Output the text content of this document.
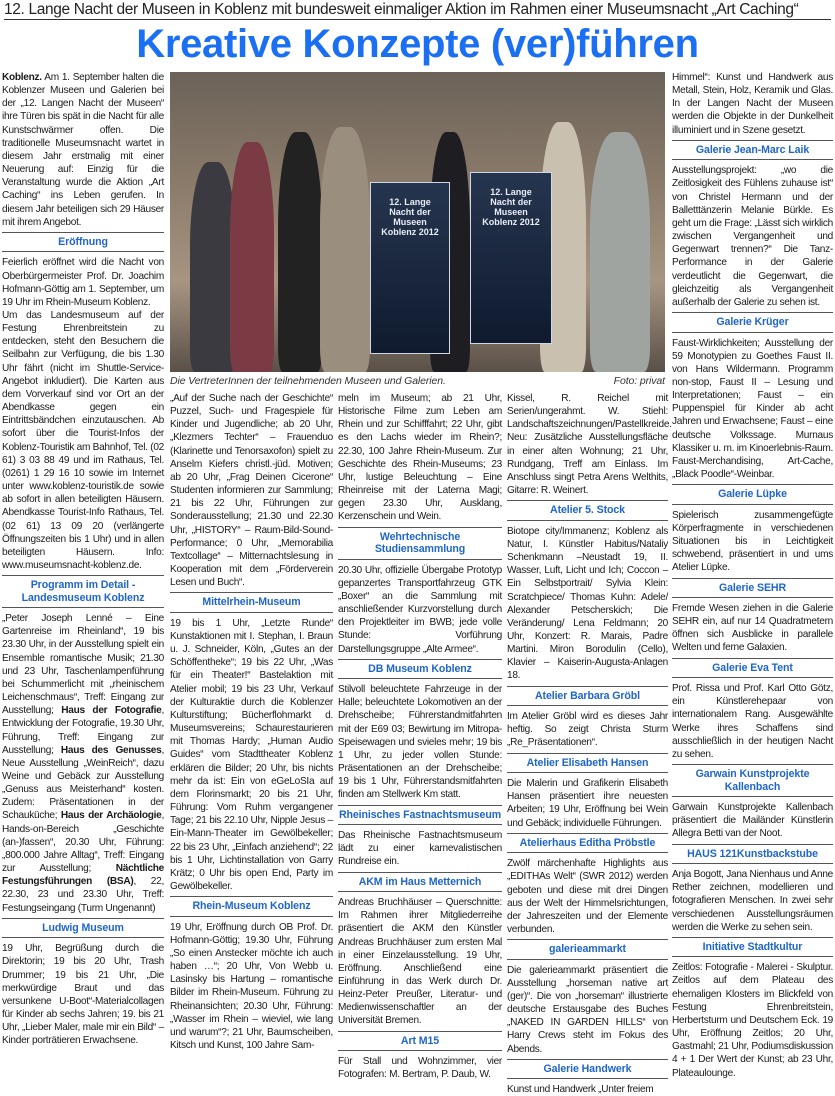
12. Lange Nacht der Museen in Koblenz mit bundesweit einmaliger Aktion im Rahmen einer Museumsnacht „Art Caching“
Kreative Konzepte (ver)führen
12. Lange Nacht der Museen Koblenz 2012
12. Lange Nacht der Museen Koblenz 2012
Die VertreterInnen der teilnehmenden Museen und Galerien.	Foto: privat

Koblenz. Am 1. September halten die Koblenzer Museen und Galerien bei der „12. Langen Nacht der Museen“ ihre Türen bis spät in die Nacht für alle Kunstschwärmer offen. Die traditionelle Museumsnacht wartet in diesem Jahr erstmalig mit einer Neuerung auf: Einzig für die Veranstaltung wurde die Aktion „Art Caching“ ins Leben gerufen. In diesem Jahr beteiligen sich 29 Häuser mit ihrem Angebot.

Eröffnung

Feierlich eröffnet wird die Nacht von Oberbürgermeister Prof. Dr. Joachim Hofmann-Göttig am 1. September, um 19 Uhr im Rhein-Museum Koblenz.

Um das Landesmuseum auf der Festung Ehrenbreitstein zu entdecken, steht den Besuchern die Seilbahn zur Verfügung, die bis 1.30 Uhr fährt (nicht im Shuttle-Service-Angebot inkludiert). Die Karten aus dem Vorverkauf sind vor Ort an der Abendkasse gegen ein Eintrittsbändchen einzutauschen. Ab sofort über die Tourist-Infos der Koblenz-Touristik am Bahnhof, Tel. (02 61) 3 03 88 49 und im Rathaus, Tel. (0261) 1 29 16 10 sowie im Internet unter www.koblenz-touristik.de sowie ab sofort in allen beteiligten Häusern. Abendkasse Tourist-Info Rathaus, Tel. (02 61) 13 09 20 (verlängerte Öffnungszeiten bis 1 Uhr) und in allen beteiligten Häusern. Info: www.museumsnacht-koblenz.de.

Programm im Detail - Landesmuseum Koblenz

„Peter Joseph Lenné – Eine Gartenreise im Rheinland“, 19 bis 23.30 Uhr, in der Ausstellung spielt ein Ensemble romantische Musik; 21.30 und 23 Uhr, Taschenlampenführung bei Schummerlicht mit „rheinischem Leichenschmaus“, Treff: Eingang zur Ausstellung; Haus der Fotografie, Entwicklung der Fotografie, 19.30 Uhr, Führung, Treff: Eingang zur Ausstellung; Haus des Genusses, Neue Ausstellung „WeinReich“, dazu Weine und Gebäck zur Ausstellung „Genuss aus Meisterhand“ kosten. Zudem: Präsentationen in der Schauküche; Haus der Archäologie, Hands-on-Bereich „Geschichte (an-)fassen“, 20.30 Uhr, Führung: „800.000 Jahre Alltag“, Treff: Eingang zur Ausstellung; Nächtliche Festungsführungen (BSA), 22, 22.30, 23 und 23.30 Uhr, Treff: Festungseingang (Turm Ungenannt)

Ludwig Museum

19 Uhr, Begrüßung durch die Direktorin; 19 bis 20 Uhr, Trash Drummer; 19 bis 21 Uhr, „Die merkwürdige Braut und das versunkene U-Boot“-Materialcollagen für Kinder ab sechs Jahren; 19. bis 21 Uhr, „Lieber Maler, male mir ein Bild“ – Kinder porträtieren Erwachsene.

„Auf der Suche nach der Geschichte“ Puzzel, Such- und Fragespiele für Kinder und Jugendliche; ab 20 Uhr, „Klezmers Techter“ – Frauenduo (Klarinette und Tenorsaxofon) spielt zu Anselm Kiefers christl.-jüd. Motiven; ab 20 Uhr, „Frag Deinen Cicerone“ Studenten informieren zur Sammlung; 21 bis 22 Uhr, Führungen zur Sonderausstellung; 21.30 und 22.30 Uhr, „HISTORY“ – Raum-Bild-Sound-Performance; 0 Uhr, „Memorabilia Textcollage“ – Mitternachtslesung in Kooperation mit dem „Förderverein Lesen und Buch“.

Mittelrhein-Museum

19 bis 1 Uhr, „Letzte Runde“ Kunstaktionen mit I. Stephan, I. Braun u. J. Schneider, Köln, „Gutes an der Schöffentheke“; 19 bis 22 Uhr, „Was für ein Theater!“ Bastelaktion mit Atelier mobil; 19 bis 23 Uhr, Verkauf der Kulturaktie durch die Koblenzer Kulturstiftung; Bücherflohmarkt d. Museumsvereins; Schaurestaurieren mit Thomas Hardy; „Human Audio Guides“ vom Stadttheater Koblenz erklären die Bilder; 20 Uhr, bis nichts mehr da ist: Ein von eGeLoSIa auf dem Florinsmarkt; 20 bis 21 Uhr, Führung: Vom Ruhm vergangener Tage; 21 bis 22.10 Uhr, Nipple Jesus – Ein-Mann-Theater im Gewölbekeller; 22 bis 23 Uhr, „Einfach anziehend“; 22 bis 1 Uhr, Lichtinstallation von Garry Krätz; 0 Uhr bis open End, Party im Gewölbekeller.

Rhein-Museum Koblenz

19 Uhr, Eröffnung durch OB Prof. Dr. Hofmann-Göttig; 19.30 Uhr, Führung „So einen Anstecker möchte ich auch haben …“; 20 Uhr, Von Webb u. Lasinsky bis Hartung – romantische Bilder im Rhein-Museum. Führung zu Rheinansichten; 20.30 Uhr, Führung: „Wasser im Rhein – wieviel, wie lang und warum“?; 21 Uhr, Baumscheiben, Kitsch und Kunst, 100 Jahre Sam-

meln im Museum; ab 21 Uhr, Historische Filme zum Leben am Rhein und zur Schifffahrt; 22 Uhr, gibt es den Lachs wieder im Rhein?; 22.30, 100 Jahre Rhein-Museum. Zur Geschichte des Rhein-Museums; 23 Uhr, lustige Beleuchtung – Eine Rheinreise mit der Laterna Magi; gegen 23.30 Uhr, Ausklang, Kerzenschein und Wein.

Wehrtechnische Studiensammlung

20.30 Uhr, offizielle Übergabe Prototyp gepanzertes Transportfahrzeug GTK „Boxer“ an die Sammlung mit anschließender Kurzvorstellung durch den Projektleiter im BWB; jede volle Stunde: Vorführung Darstellungsgruppe „Alte Armee“.

DB Museum Koblenz

Stilvoll beleuchtete Fahrzeuge in der Halle; beleuchtete Lokomotiven an der Drehscheibe; Führerstandmitfahrten mit der E69 03; Bewirtung im Mitropa-Speisewagen und svieles mehr; 19 bis 1 Uhr, zu jeder vollen Stunde: Präsentationen an der Drehscheibe; 19 bis 1 Uhr, Führerstandsmitfahrten finden am Stellwerk Km statt.

Rheinisches Fastnachtsmuseum

Das Rheinische Fastnachtsmuseum lädt zu einer karnevalistischen Rundreise ein.

AKM im Haus Metternich

Andreas Bruchhäuser – Querschnitte: Im Rahmen ihrer Mitgliederreihe präsentiert die AKM den Künstler Andreas Bruchhäuser zum ersten Mal in einer Einzelausstellung. 19 Uhr, Eröffnung. Anschließend eine Einführung in das Werk durch Dr. Heinz-Peter Preußer, Literatur- und Medienwissenschaftler an der Universität Bremen.

Art M15

Für Stall und Wohnzimmer, vier Fotografen: M. Bertram, P. Daub, W.

Kissel, R. Reichel mit Serien/ungerahmt. W. Stiehl: Landschaftszeichnungen/Pastellkreide.

Neu: Zusätzliche Ausstellungsfläche in einer alten Wohnung; 21 Uhr, Rundgang, Treff am Einlass. Im Anschluss singt Petra Arens Welthits, Gitarre: R. Weinert.

Atelier 5. Stock

Biotope city/Immanenz; Koblenz als Natur, I. Künstler Habitus/Nataliy Schenkmann –Neustadt 19, II. Wasser, Luft, Licht und Ich; Coccon – Ein Selbstportrait/ Sylvia Klein: Scratchpiece/ Thomas Kuhn: Adele/ Alexander Petscherskich; Die Veränderung/ Lena Feldmann; 20 Uhr, Konzert: R. Marais, Padre Martini. Miron Borodulin (Cello), Klavier – Kaiserin-Augusta-Anlagen 18.

Atelier Barbara Gröbl

Im Atelier Gröbl wird es dieses Jahr heftig. So zeigt Christa Sturm „Re_Präsentationen“.

Atelier Elisabeth Hansen

Die Malerin und Grafikerin Elisabeth Hansen präsentiert ihre neuesten Arbeiten; 19 Uhr, Eröffnung bei Wein und Gebäck; individuelle Führungen.

Atelierhaus Editha Pröbstle

Zwölf märchenhafte Highlights aus „EDITHAs Welt“ (SWR 2012) werden geboten und diese mit drei Dingen aus der Welt der Himmelsrichtungen, der Jahreszeiten und der Elemente verbunden.

galerieammarkt

Die galerieammarkt präsentiert die Ausstellung „horseman native art (ger)“. Die von „horseman“ illustrierte deutsche Erstausgabe des Buches „NAKED IN GARDEN HILLS“ von Harry Crews steht im Fokus des Abends.

Galerie Handwerk

Kunst und Handwerk „Unter freiem

Himmel“: Kunst und Handwerk aus Metall, Stein, Holz, Keramik und Glas. In der Langen Nacht der Museen werden die Objekte in der Dunkelheit illuminiert und in Szene gesetzt.

Galerie Jean-Marc Laik

Ausstellungsprojekt: „wo die Zeitlosigkeit des Fühlens zuhause ist“ von Christel Hermann und der Balletttänzerin Melanie Bürkle. Es geht um die Frage: „Lässt sich wirklich zwischen Vergangenheit und Gegenwart trennen?“ Die Tanz-Performance in der Galerie verdeutlicht die Gegenwart, die gleichzeitig als Vergangenheit außerhalb der Galerie zu sehen ist.

Galerie Krüger

Faust-Wirklichkeiten; Ausstellung der 59 Monotypien zu Goethes Faust II. von Hans Wildermann. Programm non-stop, Faust II – Lesung und Interpretationen; Faust – ein Puppenspiel für Kinder ab acht Jahren und Erwachsene; Faust – eine deutsche Volkssage. Murnaus Klassiker u. m. im Kinoerlebnis-Raum. Faust-Merchandising, Art-Cache, „Black Poodle“-Weinbar.

Galerie Lüpke

Spielerisch zusammengefügte Körperfragmente in verschiedenen Situationen bis in Leichtigkeit schwebend, präsentiert in und ums Atelier Lüpke.

Galerie SEHR

Fremde Wesen ziehen in die Galerie SEHR ein, auf nur 14 Quadratmetern öffnen sich Ausblicke in parallele Welten und ferne Galaxien.

Galerie Eva Tent

Prof. Rissa und Prof. Karl Otto Götz, ein Künstlerehepaar von internationalem Rang. Ausgewählte Werke ihres Schaffens sind ausschließlich in der heutigen Nacht zu sehen.

Garwain Kunstprojekte Kallenbach

Garwain Kunstprojekte Kallenbach präsentiert die Mailänder Künstlerin Allegra Betti van der Noot.

HAUS 121Kunstbackstube

Anja Bogott, Jana Nienhaus und Anne Rether zeichnen, modellieren und fotografieren Menschen. In zwei sehr verschiedenen Ausstellungsräumen werden die Werke zu sehen sein.

Initiative Stadtkultur

Zeitlos: Fotografie - Malerei - Skulptur. Zeitlos auf dem Plateau des ehemaligen Klosters im Blickfeld von Festung Ehrenbreitstein, Herbertsturm und Deutschem Eck. 19 Uhr, Eröffnung Zeitlos; 20 Uhr, Gastmahl; 21 Uhr, Podiumsdiskussion 4 + 1 Der Wert der Kunst; ab 23 Uhr, Plateaulounge.
